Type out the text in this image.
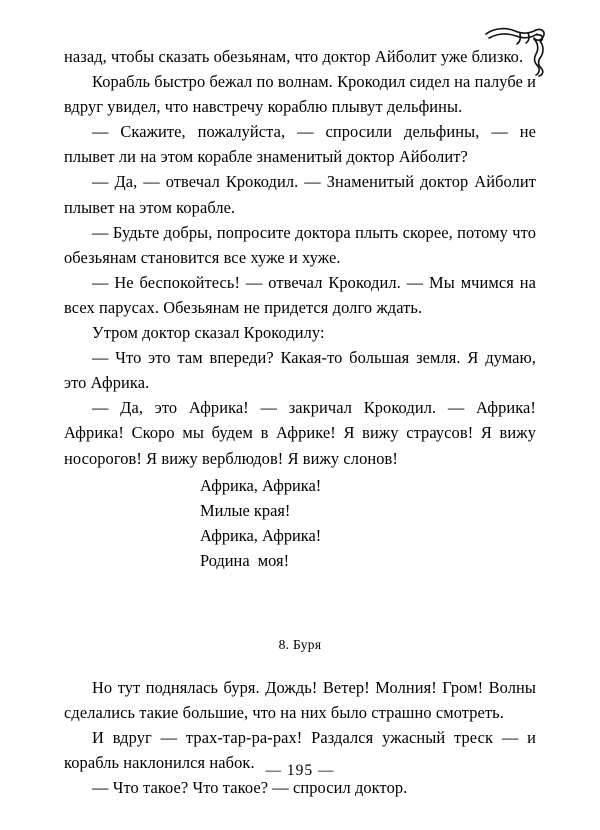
назад, чтобы сказать обезьянам, что доктор Айболит уже близко.

Корабль быстро бежал по волнам. Крокодил сидел на палубе и вдруг увидел, что навстречу кораблю плывут дельфины.

— Скажите, пожалуйста, — спросили дельфины, — не плывет ли на этом корабле знаменитый доктор Айболит?

— Да, — отвечал Крокодил. — Знаменитый доктор Айболит плывет на этом корабле.

— Будьте добры, попросите доктора плыть скорее, потому что обезьянам становится все хуже и хуже.

— Не беспокойтесь! — отвечал Крокодил. — Мы мчимся на всех парусах. Обезьянам не придется долго ждать.

Утром доктор сказал Крокодилу:

— Что это там впереди? Какая-то большая земля. Я думаю, это Африка.

— Да, это Африка! — закричал Крокодил. — Африка! Африка! Скоро мы будем в Африке! Я вижу страусов! Я вижу носорогов! Я вижу верблюдов! Я вижу слонов!

Африка, Африка!
Милые края!
Африка, Африка!
Родина  моя!

8. Буря

Но тут поднялась буря. Дождь! Ветер! Молния! Гром! Волны сделались такие большие, что на них было страшно смотреть.

И вдруг — трах-тар-ра-рах! Раздался ужасный треск — и корабль наклонился набок.

— Что такое? Что такое? — спросил доктор.

— 195 —
